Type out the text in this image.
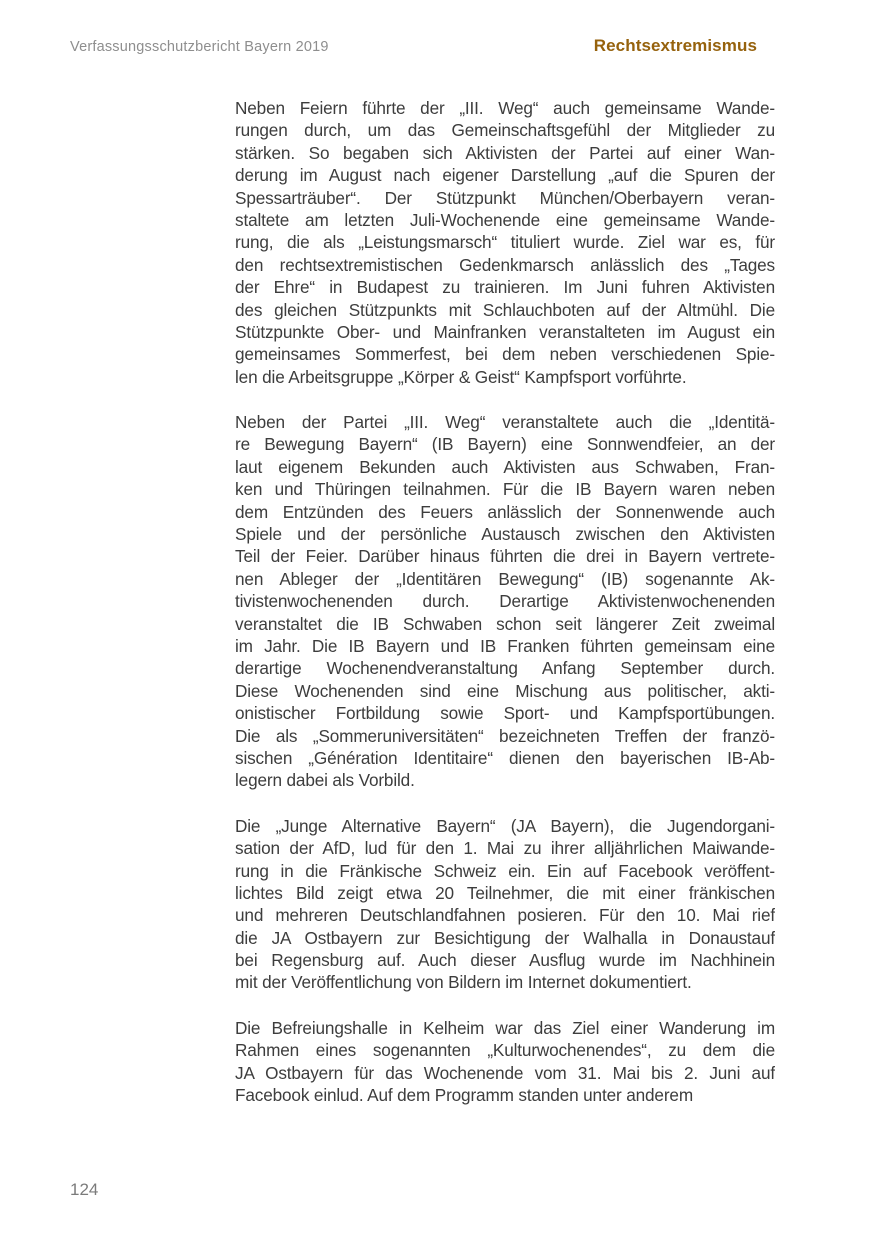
Verfassungsschutzbericht Bayern 2019	Rechtsextremismus
Neben Feiern führte der „III. Weg“ auch gemeinsame Wande-
rungen durch, um das Gemeinschaftsgefühl der Mitglieder zu
stärken. So begaben sich Aktivisten der Partei auf einer Wan-
derung im August nach eigener Darstellung „auf die Spuren der
Spessarträuber“. Der Stützpunkt München/Oberbayern veran-
staltete am letzten Juli-Wochenende eine gemeinsame Wande-
rung, die als „Leistungsmarsch“ tituliert wurde. Ziel war es, für
den rechtsextremistischen Gedenkmarsch anlässlich des „Tages
der Ehre“ in Budapest zu trainieren. Im Juni fuhren Aktivisten
des gleichen Stützpunkts mit Schlauchboten auf der Altmühl. Die
Stützpunkte Ober- und Mainfranken veranstalteten im August ein
gemeinsames Sommerfest, bei dem neben verschiedenen Spie-
len die Arbeitsgruppe „Körper & Geist“ Kampfsport vorführte.
Neben der Partei „III. Weg“ veranstaltete auch die „Identitä-
re Bewegung Bayern“ (IB Bayern) eine Sonnwendfeier, an der
laut eigenem Bekunden auch Aktivisten aus Schwaben, Fran-
ken und Thüringen teilnahmen. Für die IB Bayern waren neben
dem Entzünden des Feuers anlässlich der Sonnenwende auch
Spiele und der persönliche Austausch zwischen den Aktivisten
Teil der Feier. Darüber hinaus führten die drei in Bayern vertrete-
nen Ableger der „Identitären Bewegung“ (IB) sogenannte Ak-
tivistenwochenenden durch. Derartige Aktivistenwochenenden
veranstaltet die IB Schwaben schon seit längerer Zeit zweimal
im Jahr. Die IB Bayern und IB Franken führten gemeinsam eine
derartige Wochenendveranstaltung Anfang September durch.
Diese Wochenenden sind eine Mischung aus politischer, akti-
onistischer Fortbildung sowie Sport- und Kampfsportübungen.
Die als „Sommeruniversitäten“ bezeichneten Treffen der franzö-
sischen „Génération Identitaire“ dienen den bayerischen IB-Ab-
legern dabei als Vorbild.
Die „Junge Alternative Bayern“ (JA Bayern), die Jugendorgani-
sation der AfD, lud für den 1. Mai zu ihrer alljährlichen Maiwande-
rung in die Fränkische Schweiz ein. Ein auf Facebook veröffent-
lichtes Bild zeigt etwa 20 Teilnehmer, die mit einer fränkischen
und mehreren Deutschlandfahnen posieren. Für den 10. Mai rief
die JA Ostbayern zur Besichtigung der Walhalla in Donaustauf
bei Regensburg auf. Auch dieser Ausflug wurde im Nachhinein
mit der Veröffentlichung von Bildern im Internet dokumentiert.
Die Befreiungshalle in Kelheim war das Ziel einer Wanderung im
Rahmen eines sogenannten „Kulturwochenendes“, zu dem die
JA Ostbayern für das Wochenende vom 31. Mai bis 2. Juni auf
Facebook einlud. Auf dem Programm standen unter anderem
124
